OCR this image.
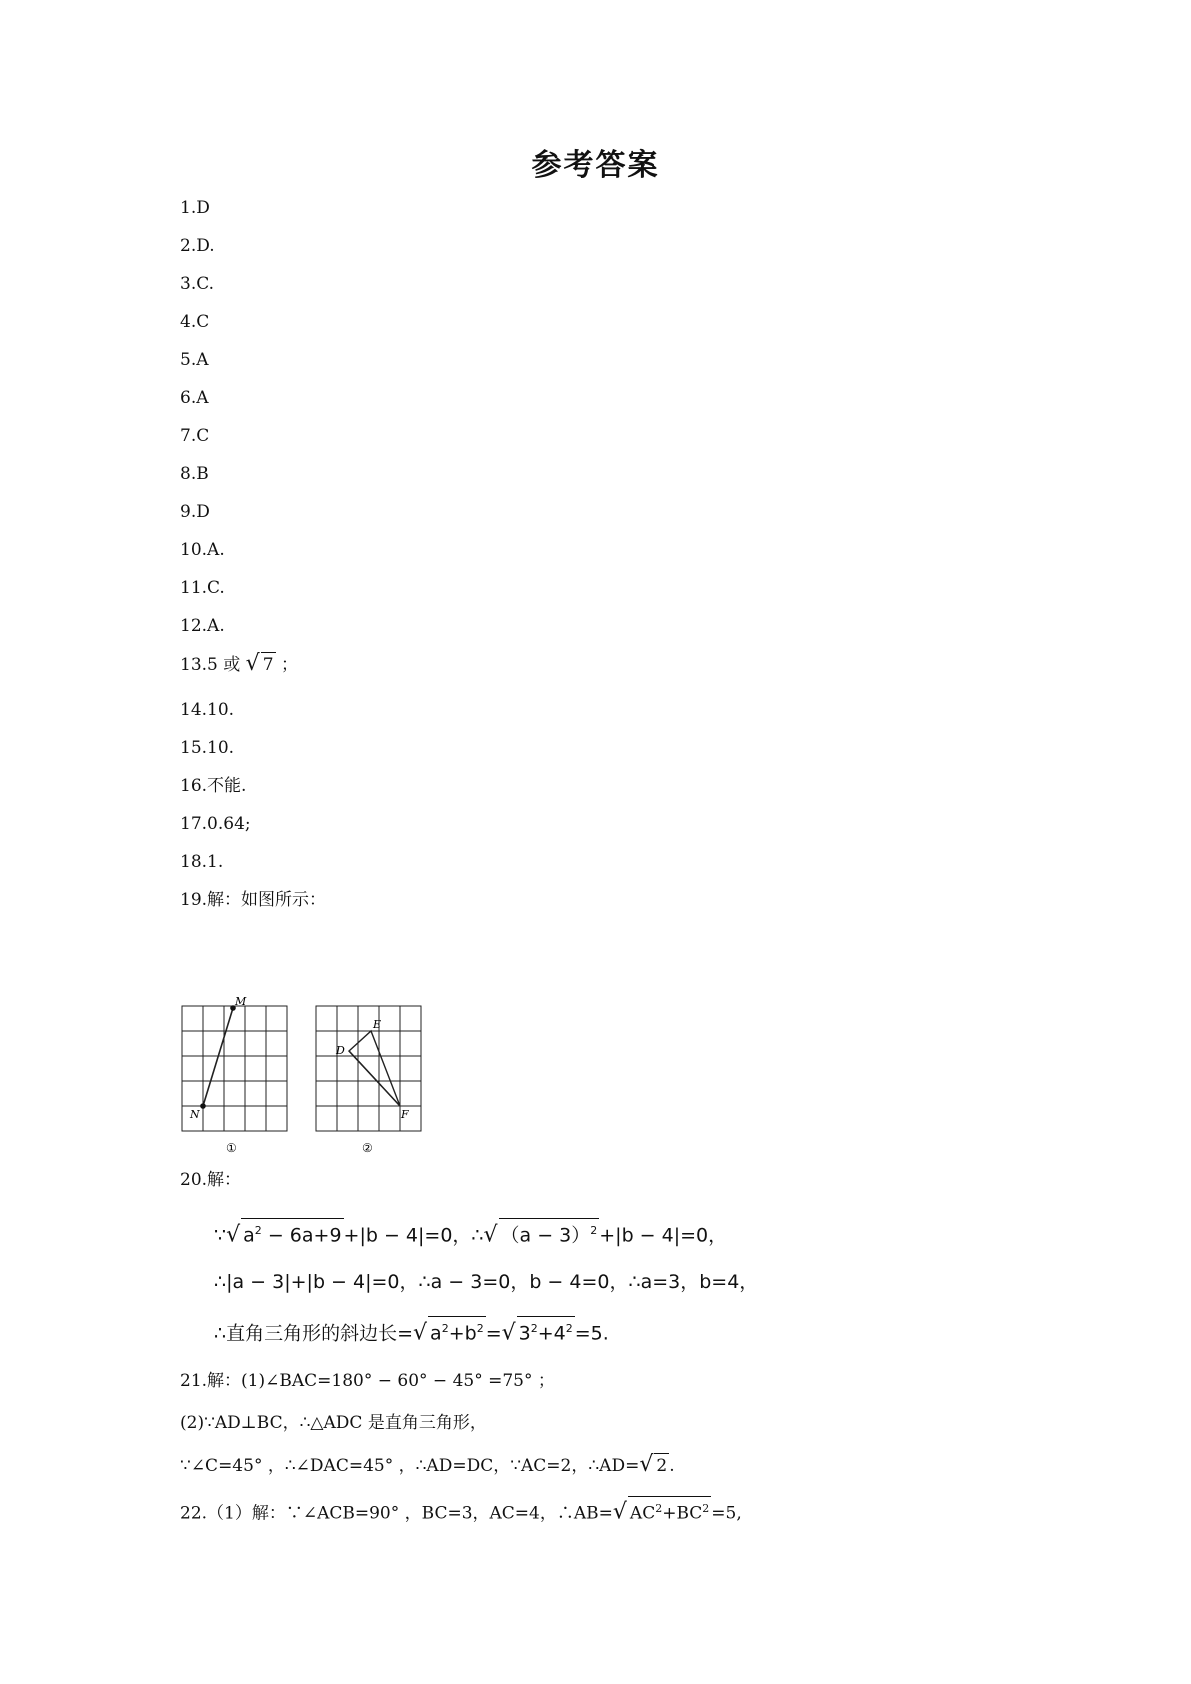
参考答案
1.D
2.D.
3.C.
4.C
5.A
6.A
7.C
8.B
9.D
10.A.
11.C.
12.A.
13.5 或 √ 7 ；
14.10.
15.10.
16.不能.
17.0.64;
18.1.
19.解：如图所示：
M
N
①
D
E
F
②
20.解：
∵√ $a^2 - 6a+9 +|b - 4|=0$，∴√ $(a - 3)^2 +|b - 4|=0$，
∴|a − 3|+|b − 4|=0，∴a − 3=0，b − 4=0，∴a=3，b=4，
∴直角三角形的斜边长=√ $a^2+b^2$ =√ $3^2+4^2 =5$.
21.解：(1)∠BAC=180° − 60° − 45° =75° ；
(2)∵AD⊥BC，∴△ADC 是直角三角形，
∵∠C=45° ，∴∠DAC=45° ，∴AD=DC，∵AC=2，∴AD=√ 2 .
22.（1）解：∵∠ACB=90° ，BC=3，AC=4，∴AB=√ $AC^2+BC^2 =5$,
